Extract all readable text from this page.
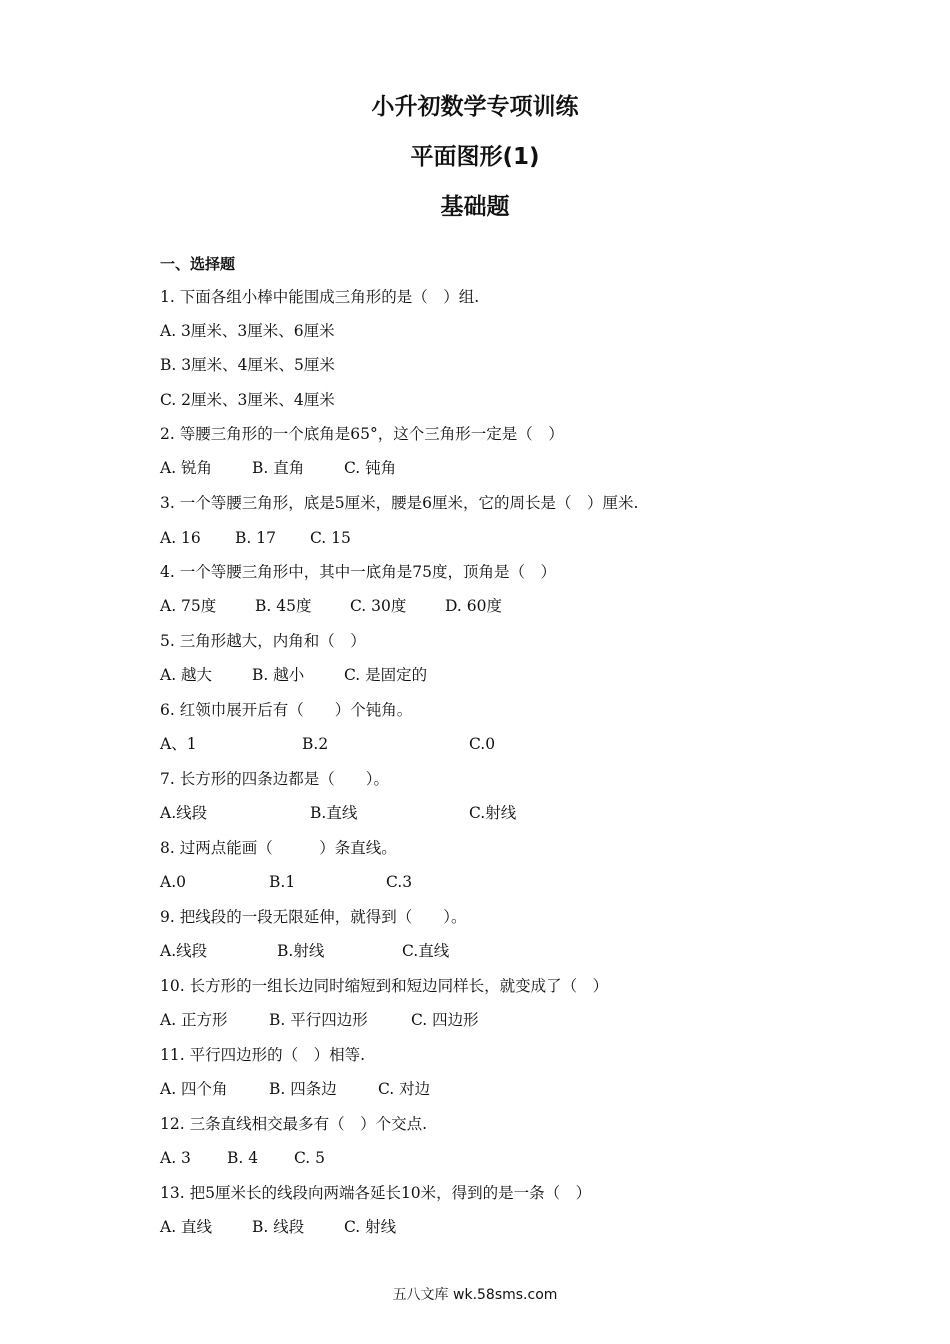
小升初数学专项训练
平面图形(1)
基础题
一、选择题
1. 下面各组小棒中能围成三角形的是（　）组.
A. 3厘米、3厘米、6厘米
B. 3厘米、4厘米、5厘米
C. 2厘米、3厘米、4厘米
2. 等腰三角形的一个底角是65°，这个三角形一定是（　）
A. 锐角	B. 直角	C. 钝角
3. 一个等腰三角形，底是5厘米，腰是6厘米，它的周长是（　）厘米.
A. 16 B. 17 C. 15
4. 一个等腰三角形中，其中一底角是75度，顶角是（　）
A. 75度 B. 45度 C. 30度 D. 60度
5. 三角形越大，内角和（　）
A. 越大	B. 越小	C. 是固定的
6. 红领巾展开后有（　　）个钝角。
A、1	B.2	C.0
7. 长方形的四条边都是（　　）。
A.线段	B.直线	C.射线
8. 过两点能画（　　　）条直线。
A.0	B.1	C.3
9. 把线段的一段无限延伸，就得到（　　）。
A.线段	B.射线	C.直线
10. 长方形的一组长边同时缩短到和短边同样长，就变成了（　）
A. 正方形	B. 平行四边形	C. 四边形
11. 平行四边形的（　）相等.
A. 四个角	B. 四条边	C. 对边
12. 三条直线相交最多有（　）个交点.
A. 3 B. 4 C. 5
13. 把5厘米长的线段向两端各延长10米，得到的是一条（　）
A. 直线	B. 线段	C. 射线
五八文库 wk.58sms.com
